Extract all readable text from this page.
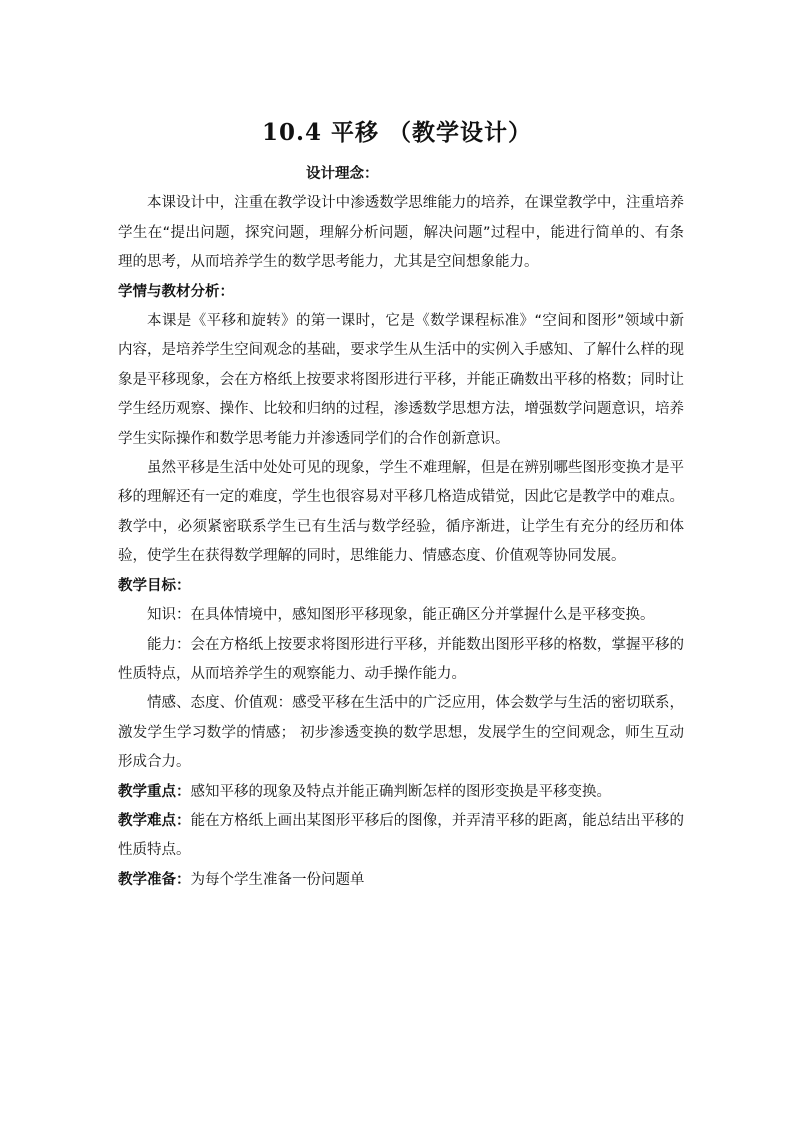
10.4 平移 （教学设计）

设计理念：

本课设计中，注重在教学设计中渗透数学思维能力的培养，在课堂教学中，注重培养学生在“提出问题，探究问题，理解分析问题，解决问题”过程中，能进行简单的、有条理的思考，从而培养学生的数学思考能力，尤其是空间想象能力。

学情与教材分析：

本课是《平移和旋转》的第一课时，它是《数学课程标准》“空间和图形”领域中新内容，是培养学生空间观念的基础，要求学生从生活中的实例入手感知、了解什么样的现象是平移现象，会在方格纸上按要求将图形进行平移，并能正确数出平移的格数；同时让学生经历观察、操作、比较和归纳的过程，渗透数学思想方法，增强数学问题意识，培养学生实际操作和数学思考能力并渗透同学们的合作创新意识。

虽然平移是生活中处处可见的现象，学生不难理解，但是在辨别哪些图形变换才是平移的理解还有一定的难度，学生也很容易对平移几格造成错觉，因此它是教学中的难点。教学中，必须紧密联系学生已有生活与数学经验，循序渐进，让学生有充分的经历和体验，使学生在获得数学理解的同时，思维能力、情感态度、价值观等协同发展。

教学目标：

知识：在具体情境中，感知图形平移现象，能正确区分并掌握什么是平移变换。

能力：会在方格纸上按要求将图形进行平移，并能数出图形平移的格数，掌握平移的性质特点，从而培养学生的观察能力、动手操作能力。

情感、态度、价值观：感受平移在生活中的广泛应用，体会数学与生活的密切联系，激发学生学习数学的情感； 初步渗透变换的数学思想，发展学生的空间观念，师生互动形成合力。

教学重点：感知平移的现象及特点并能正确判断怎样的图形变换是平移变换。

教学难点：能在方格纸上画出某图形平移后的图像，并弄清平移的距离，能总结出平移的性质特点。

教学准备：为每个学生准备一份问题单
